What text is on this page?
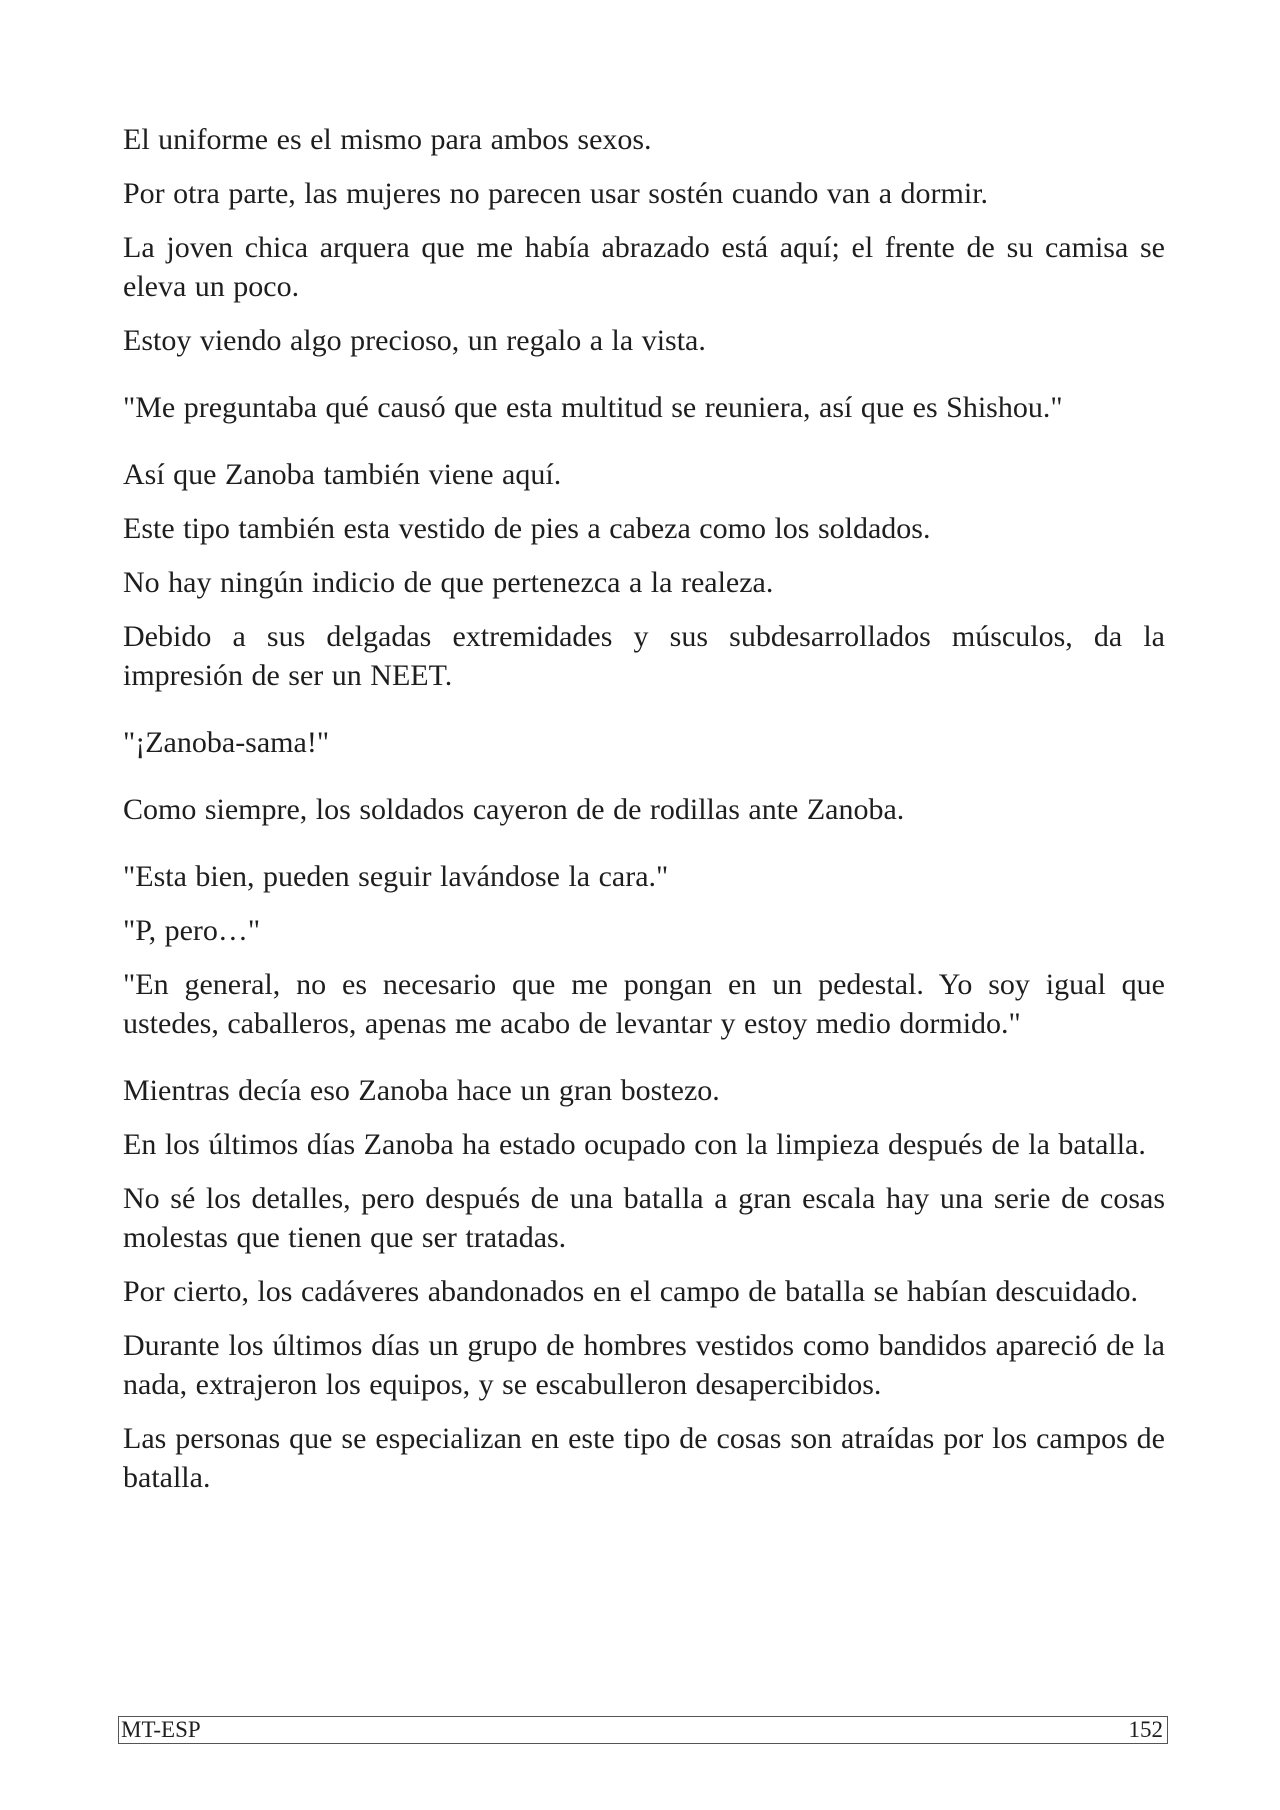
El uniforme es el mismo para ambos sexos.

Por otra parte, las mujeres no parecen usar sostén cuando van a dormir.

La joven chica arquera que me había abrazado está aquí; el frente de su camisa se eleva un poco.

Estoy viendo algo precioso, un regalo a la vista.

"Me preguntaba qué causó que esta multitud se reuniera, así que es Shishou."

Así que Zanoba también viene aquí.

Este tipo también esta vestido de pies a cabeza como los soldados.

No hay ningún indicio de que pertenezca a la realeza.

Debido a sus delgadas extremidades y sus subdesarrollados músculos, da la impresión de ser un NEET.

"¡Zanoba-sama!"

Como siempre, los soldados cayeron de de rodillas ante Zanoba.

"Esta bien, pueden seguir lavándose la cara."

"P, pero…"

"En general, no es necesario que me pongan en un pedestal. Yo soy igual que ustedes, caballeros, apenas me acabo de levantar y estoy medio dormido."

Mientras decía eso Zanoba hace un gran bostezo.

En los últimos días Zanoba ha estado ocupado con la limpieza después de la batalla.

No sé los detalles, pero después de una batalla a gran escala hay una serie de cosas molestas que tienen que ser tratadas.

Por cierto, los cadáveres abandonados en el campo de batalla se habían descuidado.

Durante los últimos días un grupo de hombres vestidos como bandidos apareció de la nada, extrajeron los equipos, y se escabulleron desapercibidos.

Las personas que se especializan en este tipo de cosas son atraídas por los campos de batalla.

MT-ESP	152
